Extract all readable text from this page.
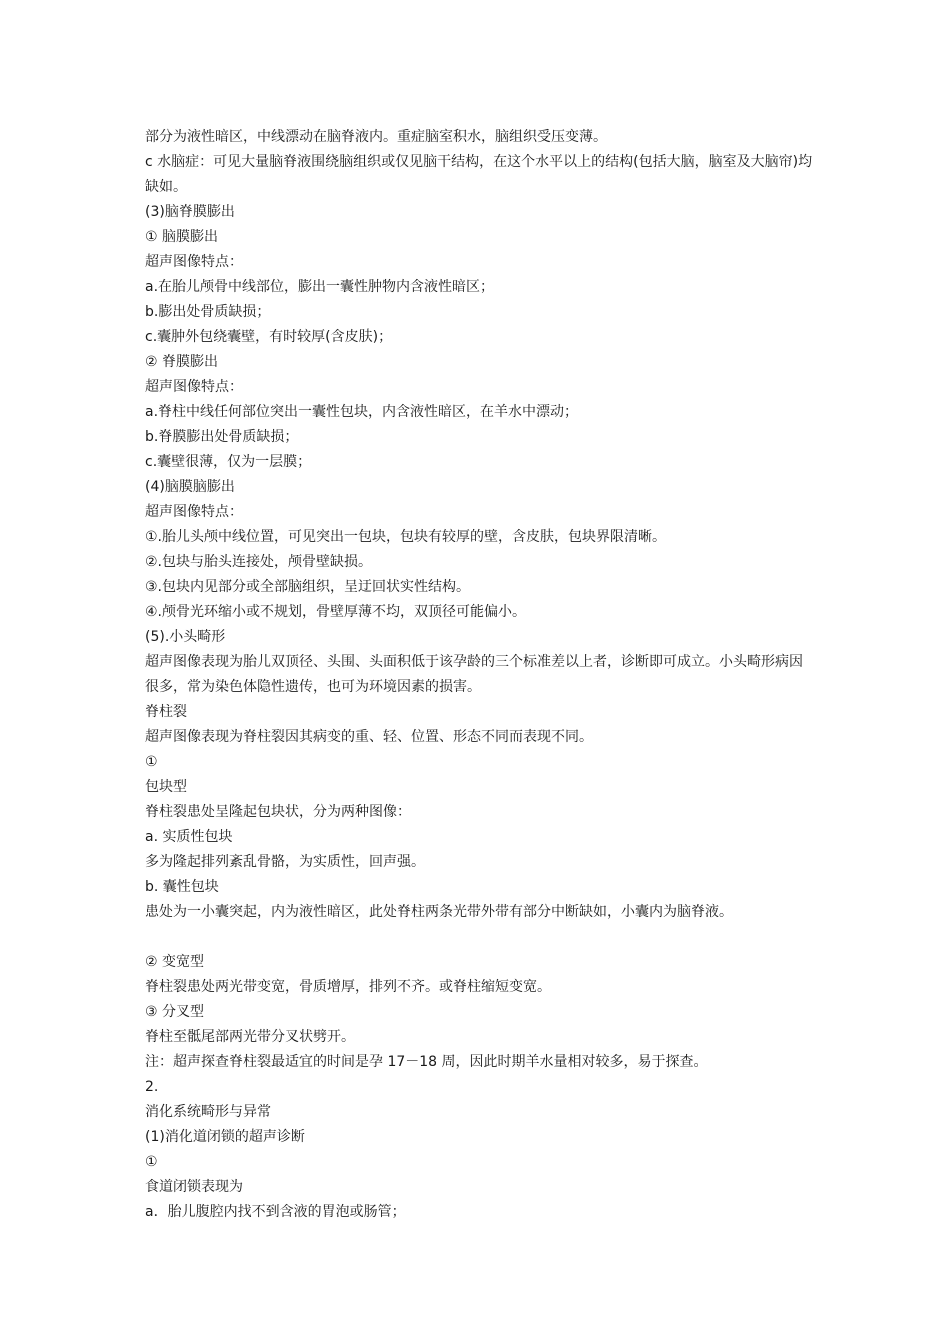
部分为液性暗区，中线漂动在脑脊液内。重症脑室积水，脑组织受压变薄。
c 水脑症：可见大量脑脊液围绕脑组织或仅见脑干结构，在这个水平以上的结构(包括大脑，脑室及大脑帘)均缺如。
(3)脑脊膜膨出
① 脑膜膨出
超声图像特点：
a.在胎儿颅骨中线部位，膨出一囊性肿物内含液性暗区；
b.膨出处骨质缺损；
c.囊肿外包绕囊壁，有时较厚(含皮肤)；
② 脊膜膨出
超声图像特点：
a.脊柱中线任何部位突出一囊性包块，内含液性暗区，在羊水中漂动；
b.脊膜膨出处骨质缺损；
c.囊壁很薄，仅为一层膜；
(4)脑膜脑膨出
超声图像特点：
①.胎儿头颅中线位置，可见突出一包块，包块有较厚的壁，含皮肤，包块界限清晰。
②.包块与胎头连接处，颅骨壁缺损。
③.包块内见部分或全部脑组织，呈迂回状实性结构。
④.颅骨光环缩小或不规划，骨壁厚薄不均，双顶径可能偏小。
(5).小头畸形
超声图像表现为胎儿双顶径、头围、头面积低于该孕龄的三个标准差以上者，诊断即可成立。小头畸形病因很多，常为染色体隐性遗传，也可为环境因素的损害。
脊柱裂
超声图像表现为脊柱裂因其病变的重、轻、位置、形态不同而表现不同。
①
包块型
脊柱裂患处呈隆起包块状，分为两种图像：
a. 实质性包块
多为隆起排列紊乱骨骼，为实质性，回声强。
b. 囊性包块
患处为一小囊突起，内为液性暗区，此处脊柱两条光带外带有部分中断缺如，小囊内为脑脊液。
② 变宽型
脊柱裂患处两光带变宽，骨质增厚，排列不齐。或脊柱缩短变宽。
③ 分叉型
脊柱至骶尾部两光带分叉状劈开。
注：超声探查脊柱裂最适宜的时间是孕 17－18 周，因此时期羊水量相对较多，易于探查。
2.
消化系统畸形与异常
(1)消化道闭锁的超声诊断
①
食道闭锁表现为
a．胎儿腹腔内找不到含液的胃泡或肠管；
